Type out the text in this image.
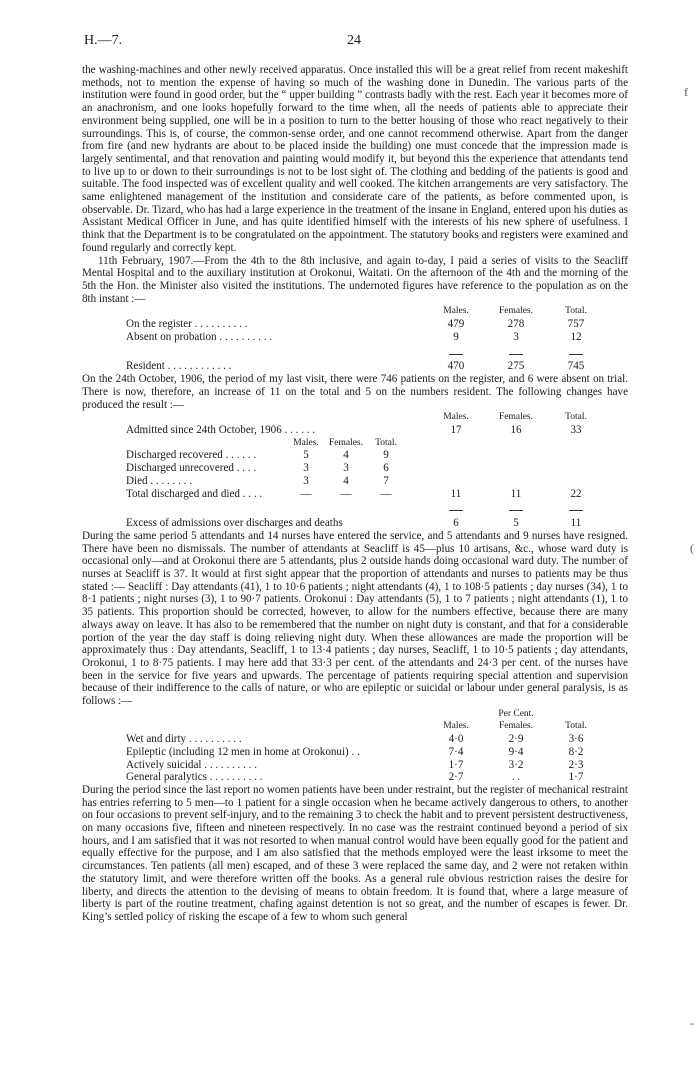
H.—7.	24
f
(
-

the washing-machines and other newly received apparatus. Once installed this will be a great relief from recent makeshift methods, not to mention the expense of having so much of the washing done in Dunedin. The various parts of the institution were found in good order, but the “ upper building ” contrasts badly with the rest. Each year it becomes more of an anachronism, and one looks hopefully forward to the time when, all the needs of patients able to appreciate their environment being supplied, one will be in a position to turn to the better housing of those who react negatively to their surroundings. This is, of course, the common-sense order, and one cannot recommend otherwise. Apart from the danger from fire (and new hydrants are about to be placed inside the building) one must concede that the impression made is largely sentimental, and that renovation and painting would modify it, but beyond this the experience that attendants tend to live up to or down to their surroundings is not to be lost sight of. The clothing and bedding of the patients is good and suitable. The food inspected was of excellent quality and well cooked. The kitchen arrangements are very satisfactory. The same enlightened management of the institution and considerate care of the patients, as before commented upon, is observable. Dr. Tizard, who has had a large experience in the treatment of the insane in England, entered upon his duties as Assistant Medical Officer in June, and has quite identified himself with the interests of his new sphere of usefulness. I think that the Department is to be congratulated on the appointment. The statutory books and registers were examined and found regularly and correctly kept.

11th February, 1907.—From the 4th to the 8th inclusive, and again to-day, I paid a series of visits to the Seacliff Mental Hospital and to the auxiliary institution at Orokonui, Waitati. On the afternoon of the 4th and the morning of the 5th the Hon. the Minister also visited the institutions. The undernoted figures have reference to the population as on the 8th instant :—

	Males.	Females.	Total.
On the register . . . . . . . . . .	479	278	757
Absent on probation . . . . . . . . . .	9	3	12

Resident . . . . . . . . . . . .	470	275	745

On the 24th October, 1906, the period of my last visit, there were 746 patients on the register, and 6 were absent on trial. There is now, therefore, an increase of 11 on the total and 5 on the numbers resident. The following changes have produced the result :—

					Males.	Females.	Total.
Admitted since 24th October, 1906 . . . . . .					17	16	33
	Males.	Females.	Total.				
Discharged recovered . . . . . .	5	4	9				
Discharged unrecovered . . . .	3	3	6				
Died . . . . . . . .	3	4	7				
Total discharged and died . . . .	—	—	—		11	11	22

Excess of admissions over discharges and deaths					6	5	11

During the same period 5 attendants and 14 nurses have entered the service, and 5 attendants and 9 nurses have resigned. There have been no dismissals. The number of attendants at Seacliff is 45—plus 10 artisans, &c., whose ward duty is occasional only—and at Orokonui there are 5 attendants, plus 2 outside hands doing occasional ward duty. The number of nurses at Seacliff is 37. It would at first sight appear that the proportion of attendants and nurses to patients may be thus stated :— Seacliff : Day attendants (41), 1 to 10·6 patients ; night attendants (4), 1 to 108·5 patients ; day nurses (34), 1 to 8·1 patients ; night nurses (3), 1 to 90·7 patients. Orokonui : Day attendants (5), 1 to 7 patients ; night attendants (1), 1 to 35 patients. This proportion should be corrected, however, to allow for the numbers effective, because there are many always away on leave. It has also to be remembered that the number on night duty is constant, and that for a considerable portion of the year the day staff is doing relieving night duty. When these allowances are made the proportion will be approximately thus : Day attendants, Seacliff, 1 to 13·4 patients ; day nurses, Seacliff, 1 to 10·5 patients ; day attendants, Orokonui, 1 to 8·75 patients. I may here add that 33·3 per cent. of the attendants and 24·3 per cent. of the nurses have been in the service for five years and upwards. The percentage of patients requiring special attention and supervision because of their indifference to the calls of nature, or who are epileptic or suicidal or labour under general paralysis, is as follows :—

		Per Cent.	
	Males.	Females.	Total.
Wet and dirty . . . . . . . . . .	4·0	2·9	3·6
Epileptic (including 12 men in home at Orokonui) . .	7·4	9·4	8·2
Actively suicidal . . . . . . . . . .	1·7	3·2	2·3
General paralytics . . . . . . . . . .	2·7	. .	1·7

During the period since the last report no women patients have been under restraint, but the register of mechanical restraint has entries referring to 5 men—to 1 patient for a single occasion when he became actively dangerous to others, to another on four occasions to prevent self-injury, and to the remaining 3 to check the habit and to prevent persistent destructiveness, on many occasions five, fifteen and nineteen respectively. In no case was the restraint continued beyond a period of six hours, and I am satisfied that it was not resorted to when manual control would have been equally good for the patient and equally effective for the purpose, and I am also satisfied that the methods employed were the least irksome to meet the circumstances. Ten patients (all men) escaped, and of these 3 were replaced the same day, and 2 were not retaken within the statutory limit, and were therefore written off the books. As a general rule obvious restriction raises the desire for liberty, and directs the attention to the devising of means to obtain freedom. It is found that, where a large measure of liberty is part of the routine treatment, chafing against detention is not so great, and the number of escapes is fewer. Dr. King’s settled policy of risking the escape of a few to whom such general
